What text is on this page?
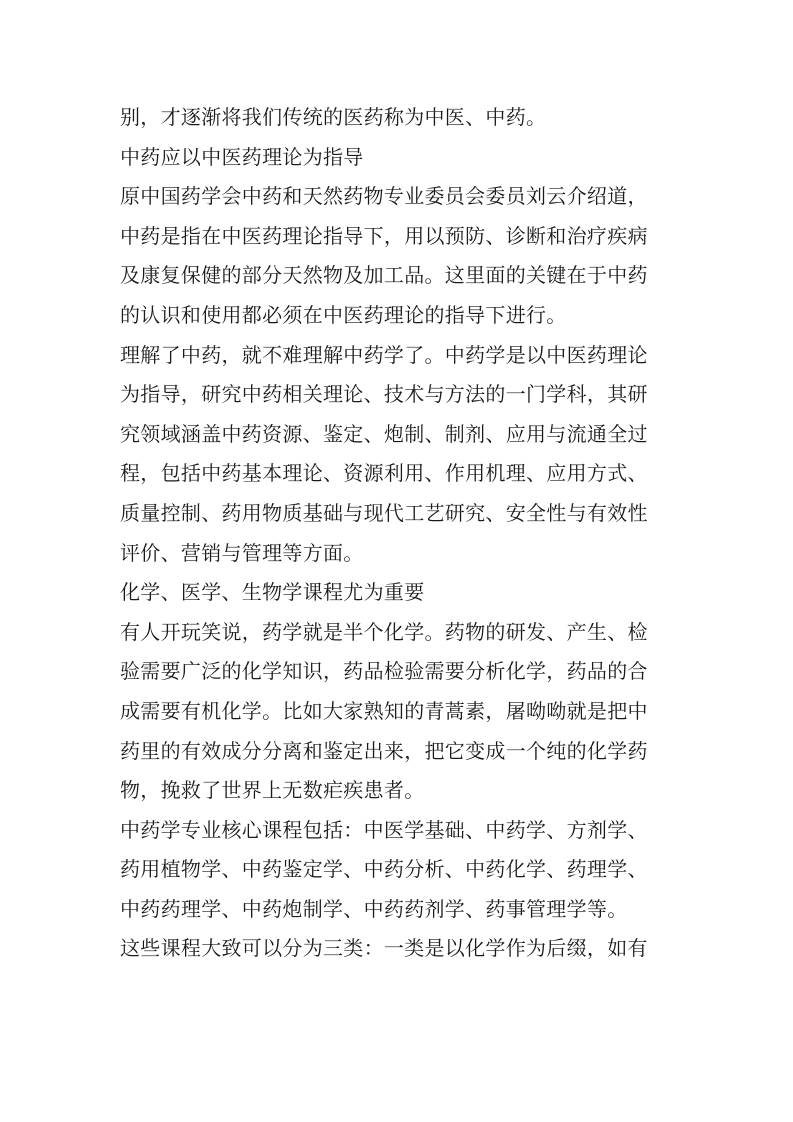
别，才逐渐将我们传统的医药称为中医、中药。
中药应以中医药理论为指导
原中国药学会中药和天然药物专业委员会委员刘云介绍道，
中药是指在中医药理论指导下，用以预防、诊断和治疗疾病
及康复保健的部分天然物及加工品。这里面的关键在于中药
的认识和使用都必须在中医药理论的指导下进行。
理解了中药，就不难理解中药学了。中药学是以中医药理论
为指导，研究中药相关理论、技术与方法的一门学科，其研
究领域涵盖中药资源、鉴定、炮制、制剂、应用与流通全过
程，包括中药基本理论、资源利用、作用机理、应用方式、
质量控制、药用物质基础与现代工艺研究、安全性与有效性
评价、营销与管理等方面。
化学、医学、生物学课程尤为重要
有人开玩笑说，药学就是半个化学。药物的研发、产生、检
验需要广泛的化学知识，药品检验需要分析化学，药品的合
成需要有机化学。比如大家熟知的青蒿素，屠呦呦就是把中
药里的有效成分分离和鉴定出来，把它变成一个纯的化学药
物，挽救了世界上无数疟疾患者。
中药学专业核心课程包括：中医学基础、中药学、方剂学、
药用植物学、中药鉴定学、中药分析、中药化学、药理学、
中药药理学、中药炮制学、中药药剂学、药事管理学等。
这些课程大致可以分为三类：一类是以化学作为后缀，如有
